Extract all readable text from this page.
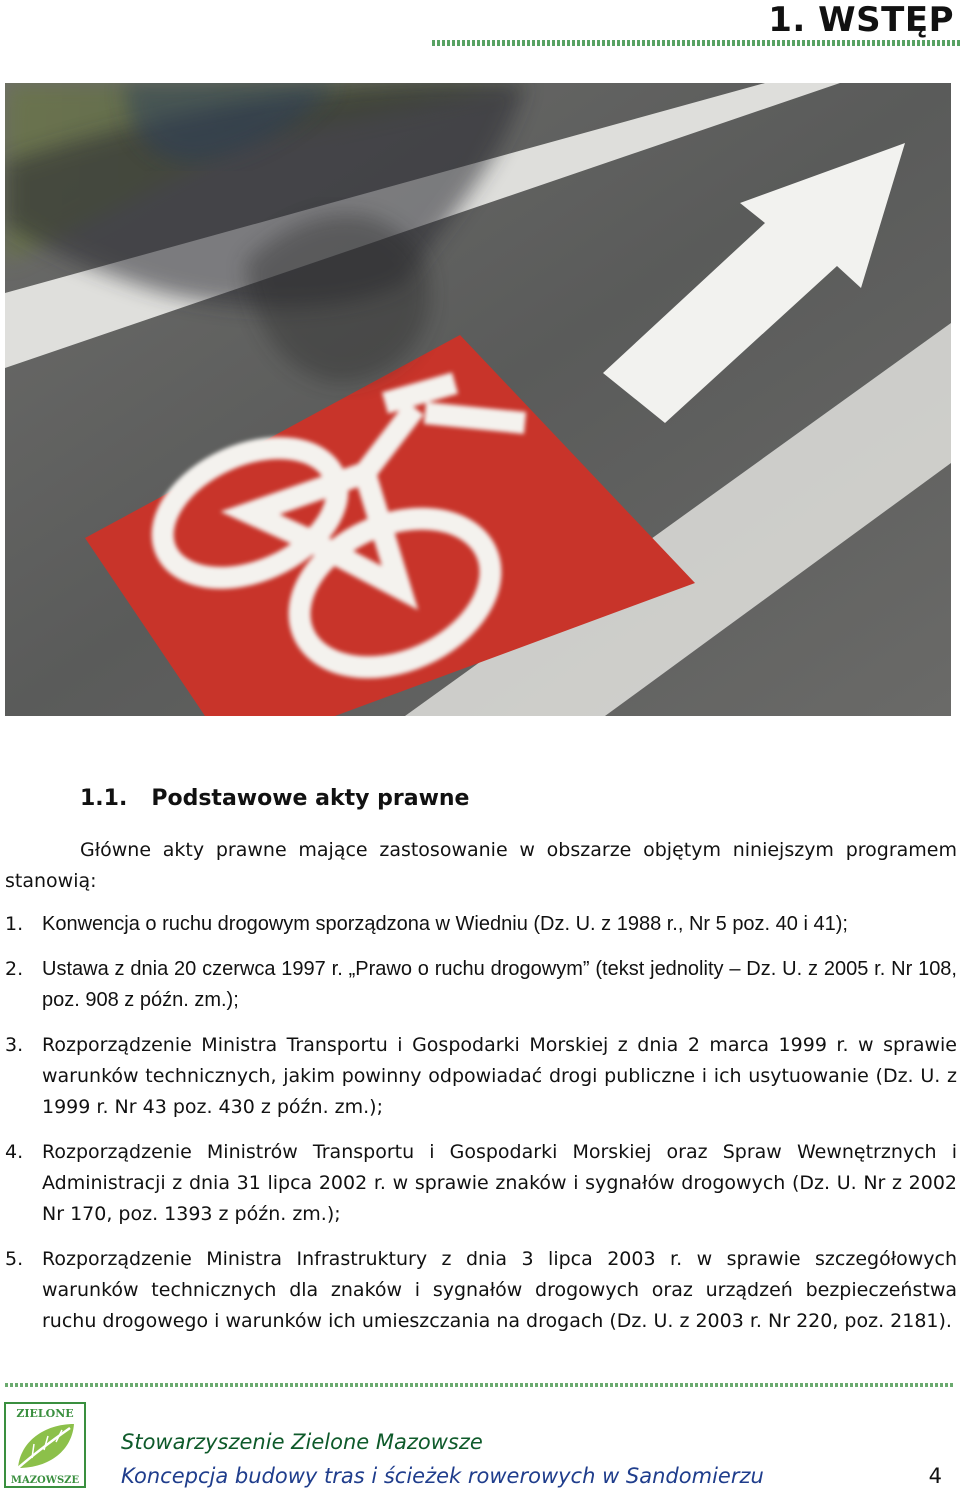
1. WSTĘP
1.1. Podstawowe akty prawne

Główne akty prawne mające zastosowanie w obszarze objętym niniejszym programem stanowią:

1. Konwencja o ruchu drogowym sporządzona w Wiedniu (Dz. U. z 1988 r., Nr 5 poz. 40 i 41);
2. Ustawa z dnia 20 czerwca 1997 r. „Prawo o ruchu drogowym” (tekst jednolity – Dz. U. z 2005 r. Nr 108, poz. 908 z późn. zm.);
3. Rozporządzenie Ministra Transportu i Gospodarki Morskiej z dnia 2 marca 1999 r. w sprawie warunków technicznych, jakim powinny odpowiadać drogi publiczne i ich usytuowanie (Dz. U. z 1999 r. Nr 43 poz. 430 z późn. zm.);
4. Rozporządzenie Ministrów Transportu i Gospodarki Morskiej oraz Spraw Wewnętrznych i Administracji z dnia 31 lipca 2002 r. w sprawie znaków i sygnałów drogowych (Dz. U. Nr z 2002 Nr 170, poz. 1393 z późn. zm.);
5. Rozporządzenie Ministra Infrastruktury z dnia 3 lipca 2003 r. w sprawie szczegółowych warunków technicznych dla znaków i sygnałów drogowych oraz urządzeń bezpieczeństwa ruchu drogowego i warunków ich umieszczania na drogach (Dz. U. z 2003 r. Nr 220, poz. 2181).
ZIELONE
MAZOWSZE
Stowarzyszenie Zielone Mazowsze
Koncepcja budowy tras i ścieżek rowerowych w Sandomierzu	4
